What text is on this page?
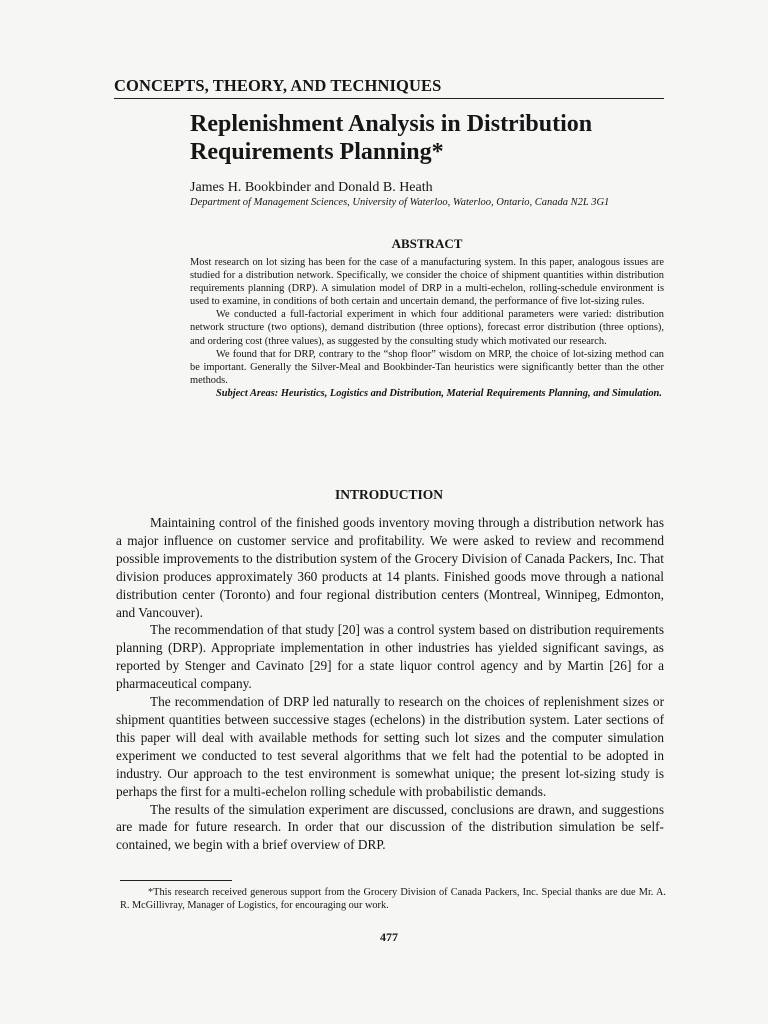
CONCEPTS, THEORY, AND TECHNIQUES
Replenishment Analysis in Distribution Requirements Planning*
James H. Bookbinder and Donald B. Heath
Department of Management Sciences, University of Waterloo, Waterloo, Ontario, Canada N2L 3G1
ABSTRACT

Most research on lot sizing has been for the case of a manufacturing system. In this paper, analogous issues are studied for a distribution network. Specifically, we consider the choice of shipment quantities within distribution requirements planning (DRP). A simulation model of DRP in a multi-echelon, rolling-schedule environment is used to examine, in conditions of both certain and uncertain demand, the performance of five lot-sizing rules.

We conducted a full-factorial experiment in which four additional parameters were varied: distribution network structure (two options), demand distribution (three options), forecast error distribution (three options), and ordering cost (three values), as suggested by the consulting study which motivated our research.

We found that for DRP, contrary to the “shop floor” wisdom on MRP, the choice of lot-sizing method can be important. Generally the Silver-Meal and Bookbinder-Tan heuristics were significantly better than the other methods.

Subject Areas: Heuristics, Logistics and Distribution, Material Requirements Planning, and Simulation.

INTRODUCTION

Maintaining control of the finished goods inventory moving through a distribution network has a major influence on customer service and profitability. We were asked to review and recommend possible improvements to the distribution system of the Grocery Division of Canada Packers, Inc. That division produces approximately 360 products at 14 plants. Finished goods move through a national distribution center (Toronto) and four regional distribution centers (Montreal, Winnipeg, Edmonton, and Vancouver).

The recommendation of that study [20] was a control system based on distribution requirements planning (DRP). Appropriate implementation in other industries has yielded significant savings, as reported by Stenger and Cavinato [29] for a state liquor control agency and by Martin [26] for a pharmaceutical company.

The recommendation of DRP led naturally to research on the choices of replenishment sizes or shipment quantities between successive stages (echelons) in the distribution system. Later sections of this paper will deal with available methods for setting such lot sizes and the computer simulation experiment we conducted to test several algorithms that we felt had the potential to be adopted in industry. Our approach to the test environment is somewhat unique; the present lot-sizing study is perhaps the first for a multi-echelon rolling schedule with probabilistic demands.

The results of the simulation experiment are discussed, conclusions are drawn, and suggestions are made for future research. In order that our discussion of the distribution simulation be self-contained, we begin with a brief overview of DRP.

*This research received generous support from the Grocery Division of Canada Packers, Inc. Special thanks are due Mr. A. R. McGillivray, Manager of Logistics, for encouraging our work.
477
